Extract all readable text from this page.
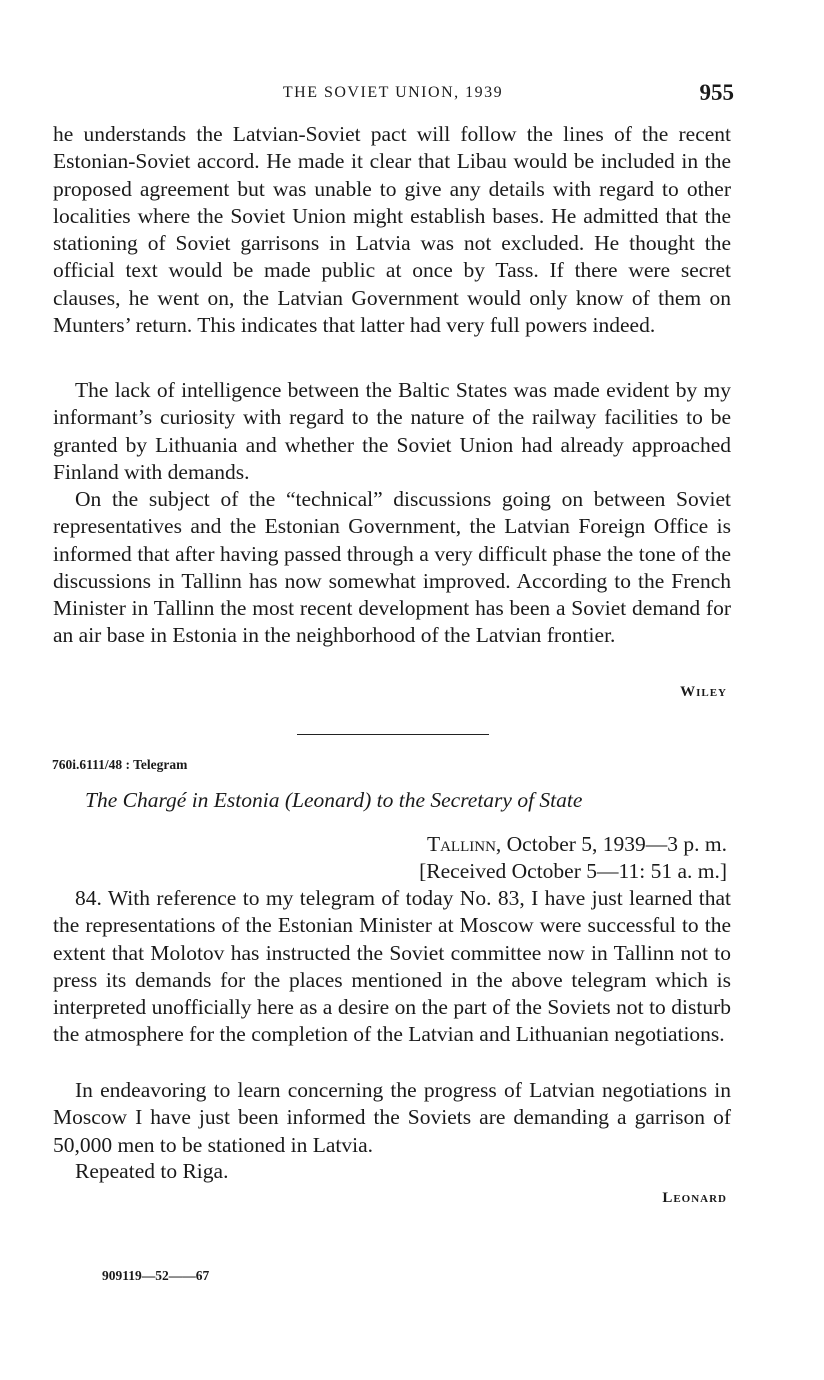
THE SOVIET UNION, 1939	955

he understands the Latvian-Soviet pact will follow the lines of the recent Estonian-Soviet accord. He made it clear that Libau would be included in the proposed agreement but was unable to give any details with regard to other localities where the Soviet Union might establish bases. He admitted that the stationing of Soviet garrisons in Latvia was not excluded. He thought the official text would be made public at once by Tass. If there were secret clauses, he went on, the Latvian Government would only know of them on Munters’ return. This indicates that latter had very full powers indeed.

The lack of intelligence between the Baltic States was made evident by my informant’s curiosity with regard to the nature of the railway facilities to be granted by Lithuania and whether the Soviet Union had already approached Finland with demands.

On the subject of the “technical” discussions going on between Soviet representatives and the Estonian Government, the Latvian Foreign Office is informed that after having passed through a very difficult phase the tone of the discussions in Tallinn has now somewhat improved. According to the French Minister in Tallinn the most recent development has been a Soviet demand for an air base in Estonia in the neighborhood of the Latvian frontier.

Wiley
760i.6111/48 : Telegram
The Chargé in Estonia (Leonard) to the Secretary of State
Tallinn, October 5, 1939—3 p. m.
[Received October 5—11: 51 a. m.]

84. With reference to my telegram of today No. 83, I have just learned that the representations of the Estonian Minister at Moscow were successful to the extent that Molotov has instructed the Soviet committee now in Tallinn not to press its demands for the places mentioned in the above telegram which is interpreted unofficially here as a desire on the part of the Soviets not to disturb the atmosphere for the completion of the Latvian and Lithuanian negotiations.

In endeavoring to learn concerning the progress of Latvian negotiations in Moscow I have just been informed the Soviets are demanding a garrison of 50,000 men to be stationed in Latvia.

Repeated to Riga.

Leonard
909119—52——67
